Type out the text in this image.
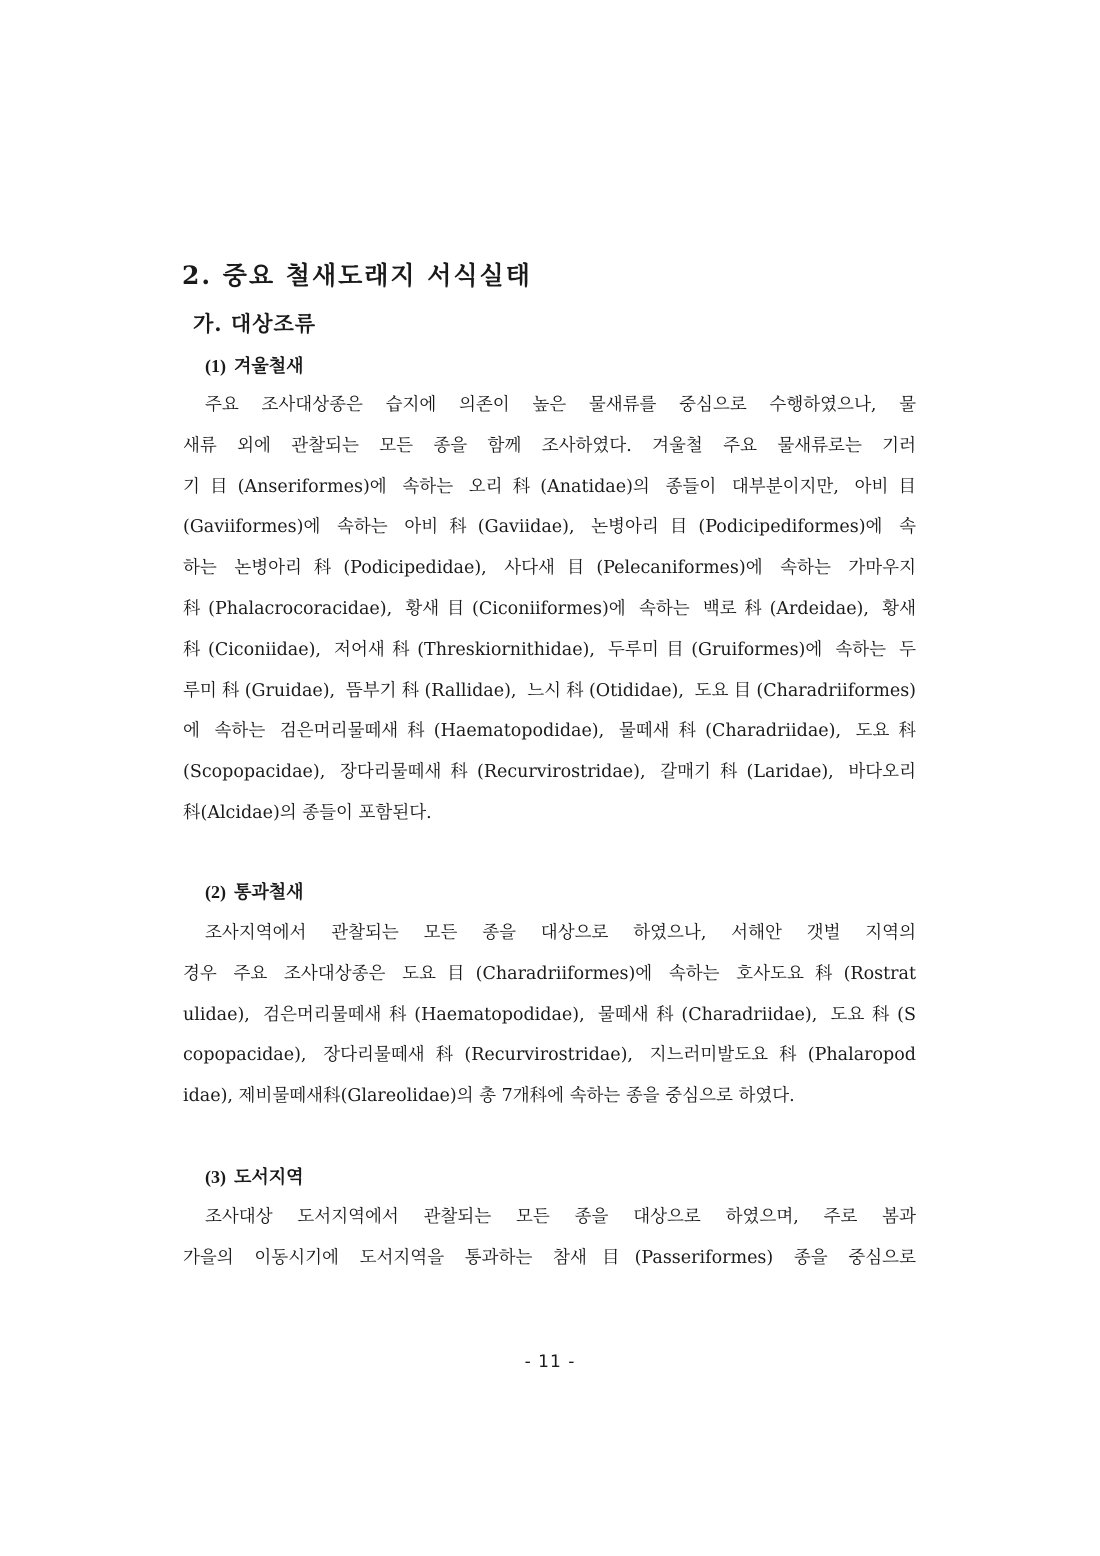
2. 중요 철새도래지 서식실태
가. 대상조류
(1) 겨울철새
주요 조사대상종은 습지에 의존이 높은 물새류를 중심으로 수행하였으나, 물
새류 외에 관찰되는 모든 종을 함께 조사하였다. 겨울철 주요 물새류로는 기러
기目(Anseriformes)에 속하는 오리科(Anatidae)의 종들이 대부분이지만, 아비目
(Gaviiformes)에 속하는 아비科(Gaviidae), 논병아리目(Podicipediformes)에 속
하는 논병아리科(Podicipedidae), 사다새目(Pelecaniformes)에 속하는 가마우지
科(Phalacrocoracidae), 황새目(Ciconiiformes)에 속하는 백로科(Ardeidae), 황새
科(Ciconiidae), 저어새科(Threskiornithidae), 두루미目(Gruiformes)에 속하는 두
루미科(Gruidae), 뜸부기科(Rallidae), 느시科(Otididae), 도요目(Charadriiformes)
에 속하는 검은머리물떼새科(Haematopodidae), 물떼새科(Charadriidae), 도요科
(Scopopacidae), 장다리물떼새科(Recurvirostridae), 갈매기科(Laridae), 바다오리
科(Alcidae)의 종들이 포함된다.
(2) 통과철새
조사지역에서 관찰되는 모든 종을 대상으로 하였으나, 서해안 갯벌 지역의
경우 주요 조사대상종은 도요目(Charadriiformes)에 속하는 호사도요科(Rostrat
ulidae), 검은머리물떼새科(Haematopodidae), 물떼새科(Charadriidae), 도요科(S
copopacidae), 장다리물떼새科(Recurvirostridae), 지느러미발도요科(Phalaropod
idae), 제비물떼새科(Glareolidae)의 총 7개科에 속하는 종을 중심으로 하였다.
(3) 도서지역
조사대상 도서지역에서 관찰되는 모든 종을 대상으로 하였으며, 주로 봄과
가을의 이동시기에 도서지역을 통과하는 참새目(Passeriformes) 종을 중심으로
- 11 -
